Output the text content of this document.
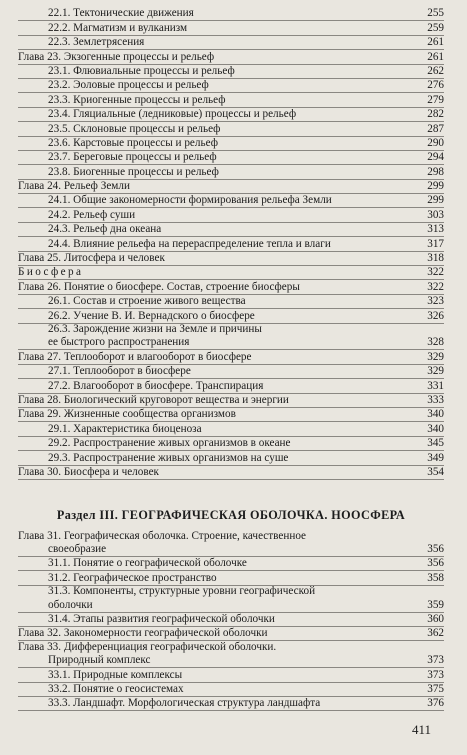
22.1. Тектонические движения	255
22.2. Магматизм и вулканизм	259
22.3. Землетрясения	261
Глава 23. Экзогенные процессы и рельеф	261
23.1. Флювиальные процессы и рельеф	262
23.2. Эоловые процессы и рельеф	276
23.3. Криогенные процессы и рельеф	279
23.4. Гляциальные (ледниковые) процессы и рельеф	282
23.5. Склоновые процессы и рельеф	287
23.6. Карстовые процессы и рельеф	290
23.7. Береговые процессы и рельеф	294
23.8. Биогенные процессы и рельеф	298
Глава 24. Рельеф Земли	299
24.1. Общие закономерности формирования рельефа Земли	299
24.2. Рельеф суши	303
24.3. Рельеф дна океана	313
24.4. Влияние рельефа на перераспределение тепла и влаги	317
Глава 25. Литосфера и человек	318
Биосфера	322
Глава 26. Понятие о биосфере. Состав, строение биосферы	322
26.1. Состав и строение живого вещества	323
26.2. Учение В. И. Вернадского о биосфере	326
26.3. Зарождение жизни на Земле и причины
ее быстрого распространения	328
Глава 27. Теплооборот и влагооборот в биосфере	329
27.1. Теплооборот в биосфере	329
27.2. Влагооборот в биосфере. Транспирация	331
Глава 28. Биологический круговорот вещества и энергии	333
Глава 29. Жизненные сообщества организмов	340
29.1. Характеристика биоценоза	340
29.2. Распространение живых организмов в океане	345
29.3. Распространение живых организмов на суше	349
Глава 30. Биосфера и человек	354
Раздел III. ГЕОГРАФИЧЕСКАЯ ОБОЛОЧКА. НООСФЕРА
Глава 31. Географическая оболочка. Строение, качественное
своеобразие	356
31.1. Понятие о географической оболочке	356
31.2. Географическое пространство	358
31.3. Компоненты, структурные уровни географической
оболочки	359
31.4. Этапы развития географической оболочки	360
Глава 32. Закономерности географической оболочки	362
Глава 33. Дифференциация географической оболочки.
Природный комплекс	373
33.1. Природные комплексы	373
33.2. Понятие о геосистемах	375
33.3. Ландшафт. Морфологическая структура ландшафта	376
411
